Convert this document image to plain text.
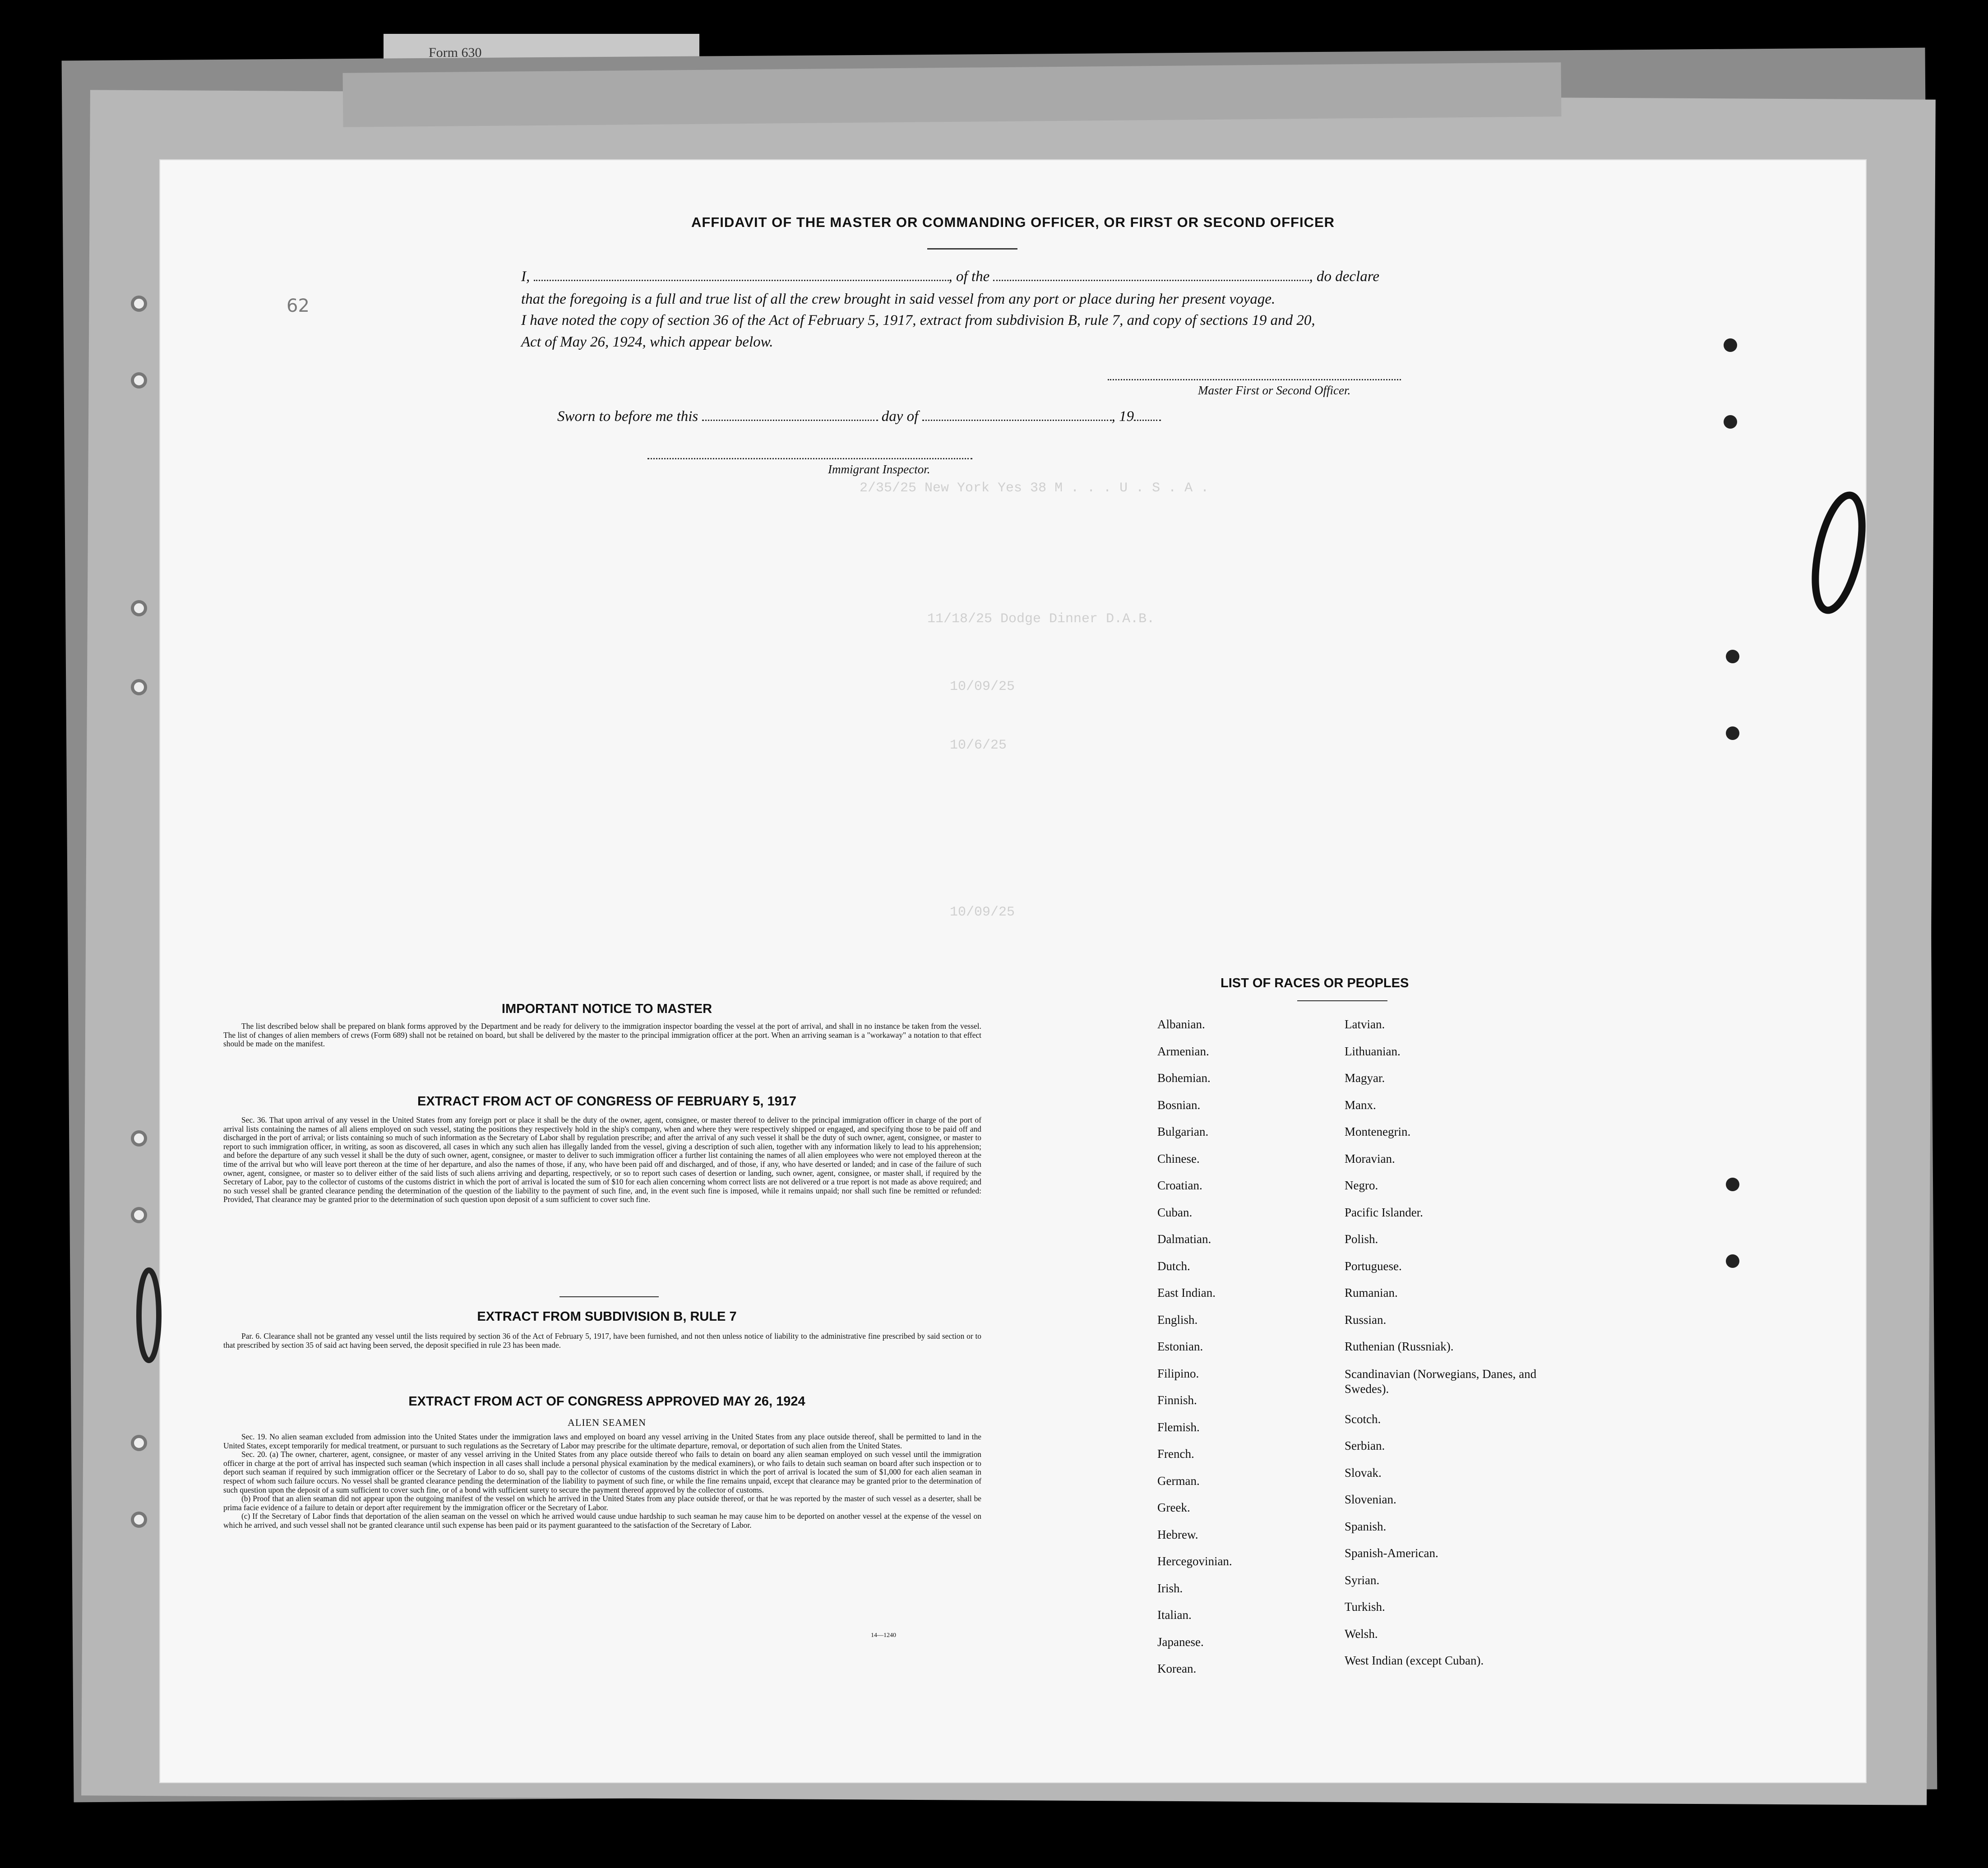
Form 630
62
2/35/25 New York Yes 38 M . . . U . S . A .
11/18/25 Dodge Dinner D.A.B.
10/09/25
10/6/25
10/09/25
AFFIDAVIT OF THE MASTER OR COMMANDING OFFICER, OR FIRST OR SECOND OFFICER
I,	, of the	, do declare
that the foregoing is a full and true list of all the crew brought in said vessel from any port or place during her present voyage.
I have noted the copy of section 36 of the Act of February 5, 1917, extract from subdivision B, rule 7, and copy of sections 19 and 20,
Act of May 26, 1924, which appear below.
Master First or Second Officer.
Sworn to before me this	day of	, 19
Immigrant Inspector.
IMPORTANT NOTICE TO MASTER
The list described below shall be prepared on blank forms approved by the Department and be ready for delivery to the immigration inspector boarding the vessel at the port of arrival, and shall in no instance be taken from the vessel. The list of changes of alien members of crews (Form 689) shall not be retained on board, but shall be delivered by the master to the principal immigration officer at the port. When an arriving seaman is a "workaway" a notation to that effect should be made on the manifest.
EXTRACT FROM ACT OF CONGRESS OF FEBRUARY 5, 1917
Sec. 36. That upon arrival of any vessel in the United States from any foreign port or place it shall be the duty of the owner, agent, consignee, or master thereof to deliver to the principal immigration officer in charge of the port of arrival lists containing the names of all aliens employed on such vessel, stating the positions they respectively hold in the ship's company, when and where they were respectively shipped or engaged, and specifying those to be paid off and discharged in the port of arrival; or lists containing so much of such information as the Secretary of Labor shall by regulation prescribe; and after the arrival of any such vessel it shall be the duty of such owner, agent, consignee, or master to report to such immigration officer, in writing, as soon as discovered, all cases in which any such alien has illegally landed from the vessel, giving a description of such alien, together with any information likely to lead to his apprehension; and before the departure of any such vessel it shall be the duty of such owner, agent, consignee, or master to deliver to such immigration officer a further list containing the names of all alien employees who were not employed thereon at the time of the arrival but who will leave port thereon at the time of her departure, and also the names of those, if any, who have been paid off and discharged, and of those, if any, who have deserted or landed; and in case of the failure of such owner, agent, consignee, or master so to deliver either of the said lists of such aliens arriving and departing, respectively, or so to report such cases of desertion or landing, such owner, agent, consignee, or master shall, if required by the Secretary of Labor, pay to the collector of customs of the customs district in which the port of arrival is located the sum of $10 for each alien concerning whom correct lists are not delivered or a true report is not made as above required; and no such vessel shall be granted clearance pending the determination of the question of the liability to the payment of such fine, and, in the event such fine is imposed, while it remains unpaid; nor shall such fine be remitted or refunded: Provided, That clearance may be granted prior to the determination of such question upon deposit of a sum sufficient to cover such fine.
EXTRACT FROM SUBDIVISION B, RULE 7
Par. 6. Clearance shall not be granted any vessel until the lists required by section 36 of the Act of February 5, 1917, have been furnished, and not then unless notice of liability to the administrative fine prescribed by said section or to that prescribed by section 35 of said act having been served, the deposit specified in rule 23 has been made.
EXTRACT FROM ACT OF CONGRESS APPROVED MAY 26, 1924
ALIEN SEAMEN

Sec. 19. No alien seaman excluded from admission into the United States under the immigration laws and employed on board any vessel arriving in the United States from any place outside thereof, shall be permitted to land in the United States, except temporarily for medical treatment, or pursuant to such regulations as the Secretary of Labor may prescribe for the ultimate departure, removal, or deportation of such alien from the United States.

Sec. 20. (a) The owner, charterer, agent, consignee, or master of any vessel arriving in the United States from any place outside thereof who fails to detain on board any alien seaman employed on such vessel until the immigration officer in charge at the port of arrival has inspected such seaman (which inspection in all cases shall include a personal physical examination by the medical examiners), or who fails to detain such seaman on board after such inspection or to deport such seaman if required by such immigration officer or the Secretary of Labor to do so, shall pay to the collector of customs of the customs district in which the port of arrival is located the sum of $1,000 for each alien seaman in respect of whom such failure occurs. No vessel shall be granted clearance pending the determination of the liability to payment of such fine, or while the fine remains unpaid, except that clearance may be granted prior to the determination of such question upon the deposit of a sum sufficient to cover such fine, or of a bond with sufficient surety to secure the payment thereof approved by the collector of customs.

(b) Proof that an alien seaman did not appear upon the outgoing manifest of the vessel on which he arrived in the United States from any place outside thereof, or that he was reported by the master of such vessel as a deserter, shall be prima facie evidence of a failure to detain or deport after requirement by the immigration officer or the Secretary of Labor.

(c) If the Secretary of Labor finds that deportation of the alien seaman on the vessel on which he arrived would cause undue hardship to such seaman he may cause him to be deported on another vessel at the expense of the vessel on which he arrived, and such vessel shall not be granted clearance until such expense has been paid or its payment guaranteed to the satisfaction of the Secretary of Labor.

14—1240
LIST OF RACES OR PEOPLES
Albanian.
Armenian.
Bohemian.
Bosnian.
Bulgarian.
Chinese.
Croatian.
Cuban.
Dalmatian.
Dutch.
East Indian.
English.
Estonian.
Filipino.
Finnish.
Flemish.
French.
German.
Greek.
Hebrew.
Hercegovinian.
Irish.
Italian.
Japanese.
Korean.
Latvian.
Lithuanian.
Magyar.
Manx.
Montenegrin.
Moravian.
Negro.
Pacific Islander.
Polish.
Portuguese.
Rumanian.
Russian.
Ruthenian (Russniak).
Scandinavian (Norwegians, Danes, and Swedes).
Scotch.
Serbian.
Slovak.
Slovenian.
Spanish.
Spanish-American.
Syrian.
Turkish.
Welsh.
West Indian (except Cuban).
